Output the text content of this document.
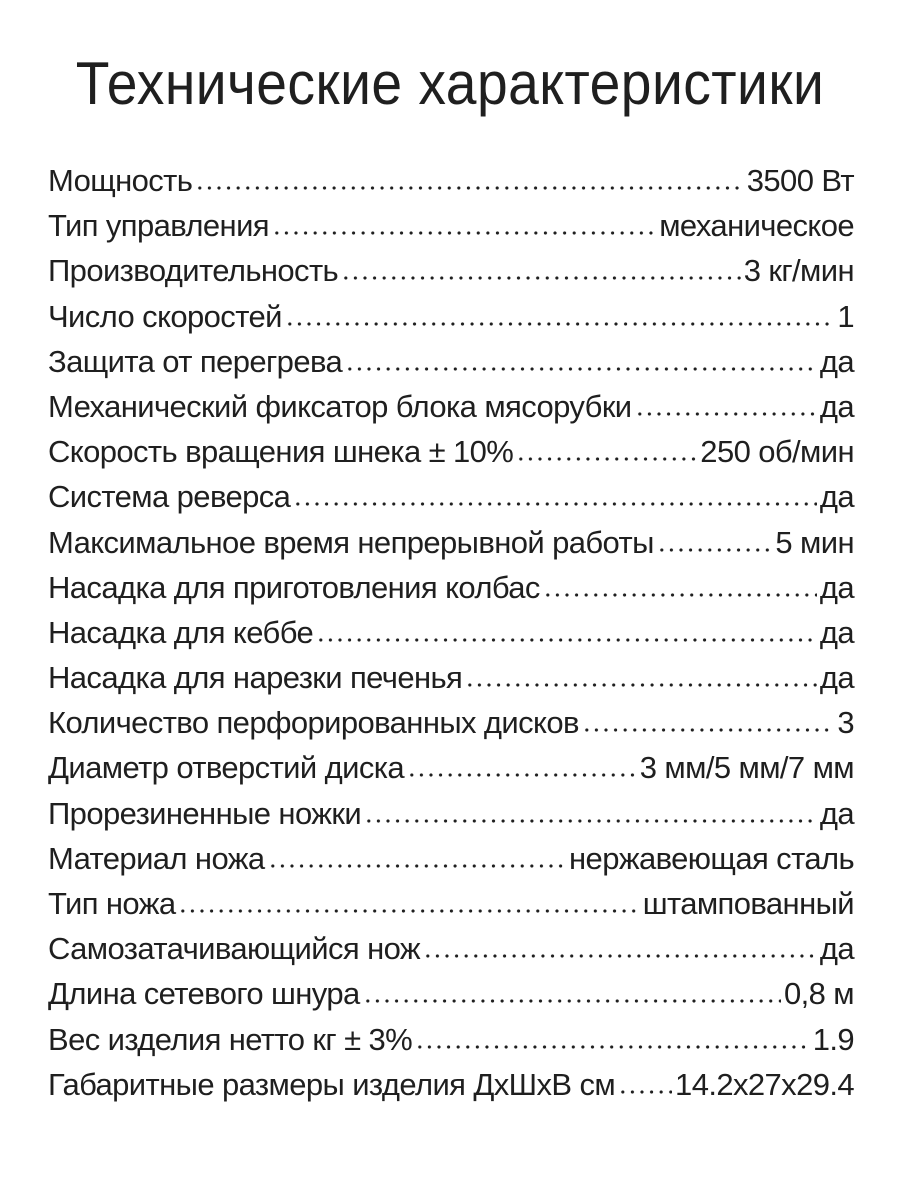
Технические характеристики
Мощность	3500 Вт
Тип управления	механическое
Производительность	3 кг/мин
Число скоростей	1
Защита от перегрева	да
Механический фиксатор блока мясорубки	да
Скорость вращения шнека ± 10%	250 об/мин
Система реверса	да
Максимальное время непрерывной работы	5 мин
Насадка для приготовления колбас	да
Насадка для кеббе	да
Насадка для нарезки печенья	да
Количество перфорированных дисков	3
Диаметр отверстий диска	3 мм/5 мм/7 мм
Прорезиненные ножки	да
Материал ножа	нержавеющая сталь
Тип ножа	штампованный
Самозатачивающийся нож	да
Длина сетевого шнура	0,8 м
Вес изделия нетто кг ± 3%	1.9
Габаритные размеры изделия ДхШхВ см 14.2x27x29.4
